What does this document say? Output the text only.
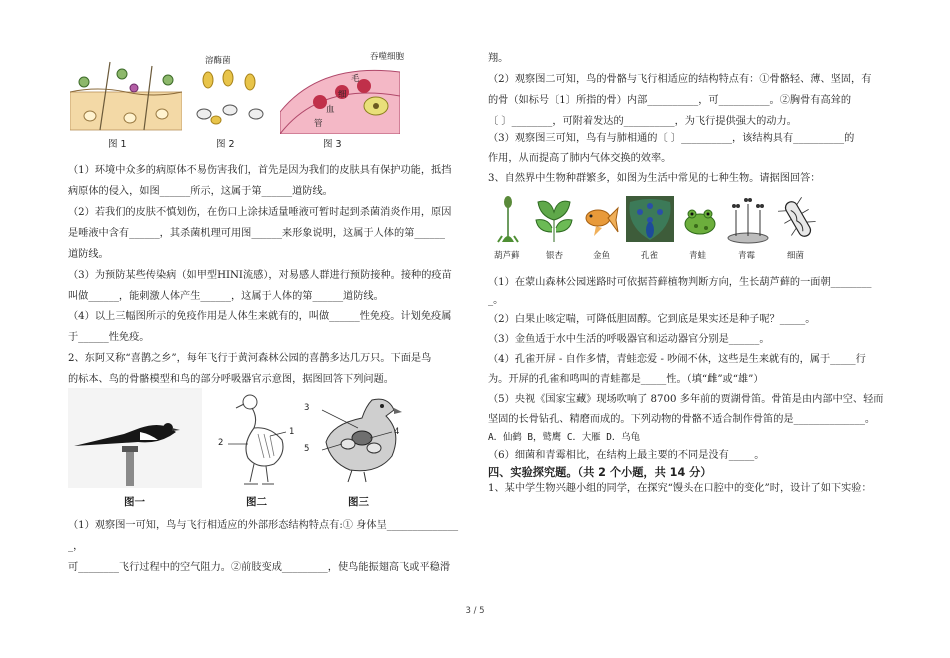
图 1
溶酶菌
图 2
吞噬细胞
毛
细
血
管
图 3
（1）环境中众多的病原体不易伤害我们，首先是因为我们的皮肤具有保护功能，抵挡
病原体的侵入，如图______所示，这属于第______道防线。
（2）若我们的皮肤不慎划伤，在伤口上涂抹适量唾液可暂时起到杀菌消炎作用，原因
是唾液中含有______，其杀菌机理可用图______来形象说明，这属于人体的第______
道防线。
（3）为预防某些传染病（如甲型HINI流感），对易感人群进行预防接种。接种的疫苗
叫做______，能刺激人体产生______，这属于人体的第______道防线。
（4）以上三幅图所示的免疫作用是人体生来就有的，叫做______性免疫。计划免疫属
于______性免疫。
2、东阿又称“喜鹊之乡”，每年飞行于黄河森林公园的喜鹊多达几万只。下面是鸟
的标本、鸟的骨骼模型和鸟的部分呼吸器官示意图，据图回答下列问题。
图一
1
2
图二
3
4
5
图三
（1）观察图一可知，鸟与飞行相适应的外部形态结构特点有:① 身体呈______________
_，
可________飞行过程中的空气阻力。②前肢变成_________，使鸟能振翅高飞或平稳滑
翔。
（2）观察图二可知，鸟的骨骼与飞行相适应的结构特点有：①骨骼轻、薄、坚固，有
的骨（如标号〔1〕所指的骨）内部__________，可__________。②胸骨有高耸的
〔 〕________，可附着发达的__________，为飞行提供强大的动力。
（3）观察图三可知，鸟有与肺相通的〔 〕__________，该结构具有__________的
作用，从而提高了肺内气体交换的效率。
3、自然界中生物种群繁多，如图为生活中常见的七种生物。请据图回答：
葫芦藓	银杏	金鱼	孔雀	青蛙	青霉	细菌
（1）在蒙山森林公园迷路时可依据苔藓植物判断方向，生长葫芦藓的一面朝________
_。
（2）白果止咳定喘，可降低胆固醇。它到底是果实还是种子呢？_____。
（3）金鱼适于水中生活的呼吸器官和运动器官分别是______。
（4）孔雀开屏 - 自作多情，青蛙恋爱 - 吵闹不休，这些是生来就有的，属于_____行
为。开屏的孔雀和鸣叫的青蛙都是_____性。（填“雌”或“雄”）
（5）央视《国家宝藏》现场吹响了 8700 多年前的贾湖骨笛。骨笛是由内部中空、轻而
坚固的长骨钻孔、精磨而成的。下列动物的骨骼不适合制作骨笛的是______________。
A．仙鹤 B，鹫鹰 C．大雁 D．乌龟
（6）细菌和青霉相比，在结构上最主要的不同是没有_____。
四、实验探究题。（共 2 个小题，共 14 分）
1、某中学生物兴趣小组的同学，在探究“馒头在口腔中的变化”时，设计了如下实验：
3 / 5
